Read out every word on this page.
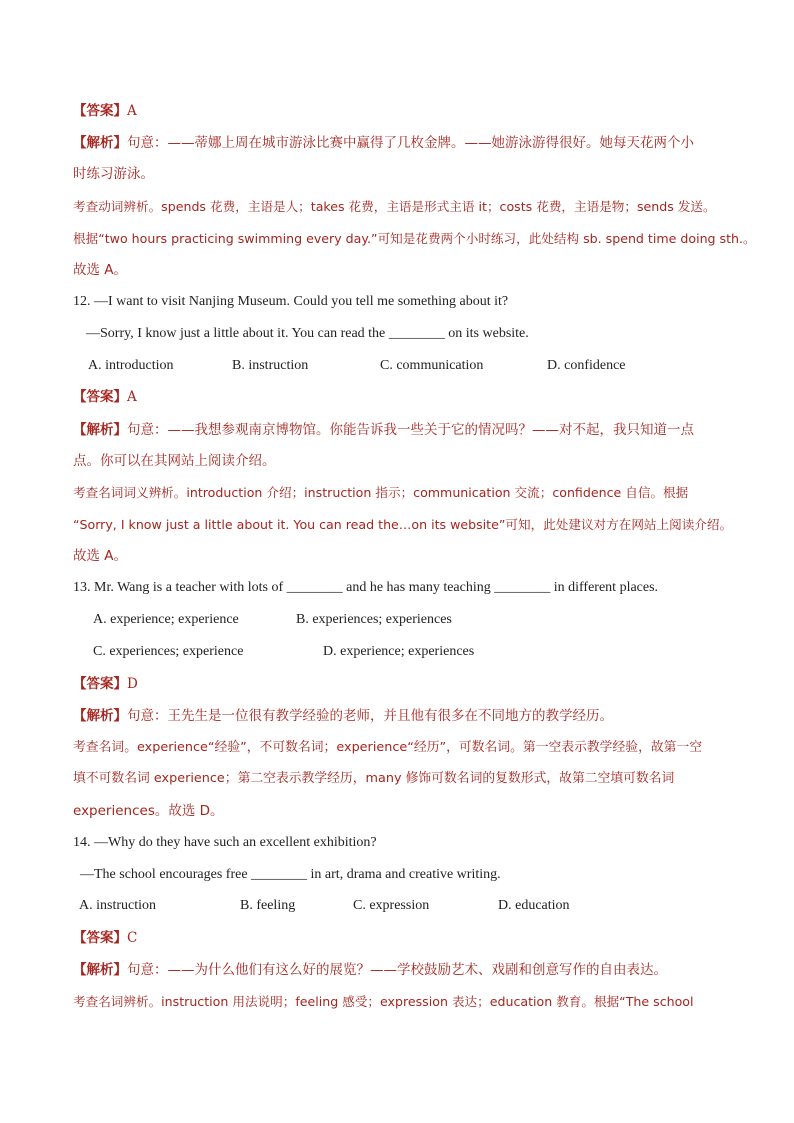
【答案】A
【解析】句意：——蒂娜上周在城市游泳比赛中赢得了几枚金牌。——她游泳游得很好。她每天花两个小
时练习游泳。
考查动词辨析。spends 花费，主语是人；takes 花费，主语是形式主语 it；costs 花费，主语是物；sends 发送。
根据“two hours practicing swimming every day.”可知是花费两个小时练习，此处结构 sb. spend time doing sth.。
故选 A。
12. —I want to visit Nanjing Museum. Could you tell me something about it?
—Sorry, I know just a little about it. You can read the ________ on its website.
A. introduction	B. instruction	C. communication	D. confidence
【答案】A
【解析】句意：——我想参观南京博物馆。你能告诉我一些关于它的情况吗？——对不起，我只知道一点
点。你可以在其网站上阅读介绍。
考查名词词义辨析。introduction 介绍；instruction 指示；communication 交流；confidence 自信。根据
“Sorry, I know just a little about it. You can read the…on its website”可知，此处建议对方在网站上阅读介绍。
故选 A。
13. Mr. Wang is a teacher with lots of ________ and he has many teaching ________ in different places.
A. experience; experience	B. experiences; experiences
C. experiences; experience	D. experience; experiences
【答案】D
【解析】句意：王先生是一位很有教学经验的老师，并且他有很多在不同地方的教学经历。
考查名词。experience“经验”，不可数名词；experience“经历”，可数名词。第一空表示教学经验，故第一空
填不可数名词 experience；第二空表示教学经历，many 修饰可数名词的复数形式，故第二空填可数名词
experiences。故选 D。
14. —Why do they have such an excellent exhibition?
—The school encourages free ________ in art, drama and creative writing.
A. instruction	B. feeling	C. expression	D. education
【答案】C
【解析】句意：——为什么他们有这么好的展览？——学校鼓励艺术、戏剧和创意写作的自由表达。
考查名词辨析。instruction 用法说明；feeling 感受；expression 表达；education 教育。根据“The school
